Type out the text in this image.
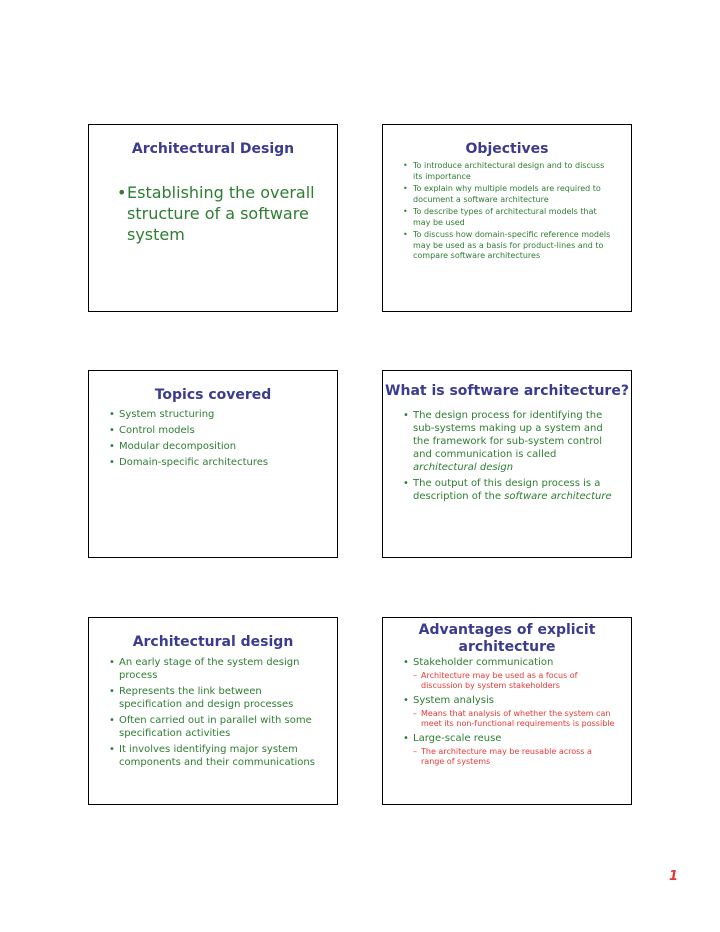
Architectural Design
• Establishing the overall structure of a software system
Objectives
• To introduce architectural design and to discuss its importance
• To explain why multiple models are required to document a software architecture
• To describe types of architectural models that may be used
• To discuss how domain-specific reference models may be used as a basis for product-lines and to compare software architectures
Topics covered
• System structuring
• Control models
• Modular decomposition
• Domain-specific architectures
What is software architecture?
• The design process for identifying the sub-systems making up a system and the framework for sub-system control and communication is called architectural design
• The output of this design process is a description of the software architecture
Architectural design
• An early stage of the system design process
• Represents the link between specification and design processes
• Often carried out in parallel with some specification activities
• It involves identifying major system components and their communications
Advantages of explicit architecture
• Stakeholder communication
– Architecture may be used as a focus of discussion by system stakeholders
• System analysis
– Means that analysis of whether the system can meet its non-functional requirements is possible
• Large-scale reuse
– The architecture may be reusable across a range of systems
1
